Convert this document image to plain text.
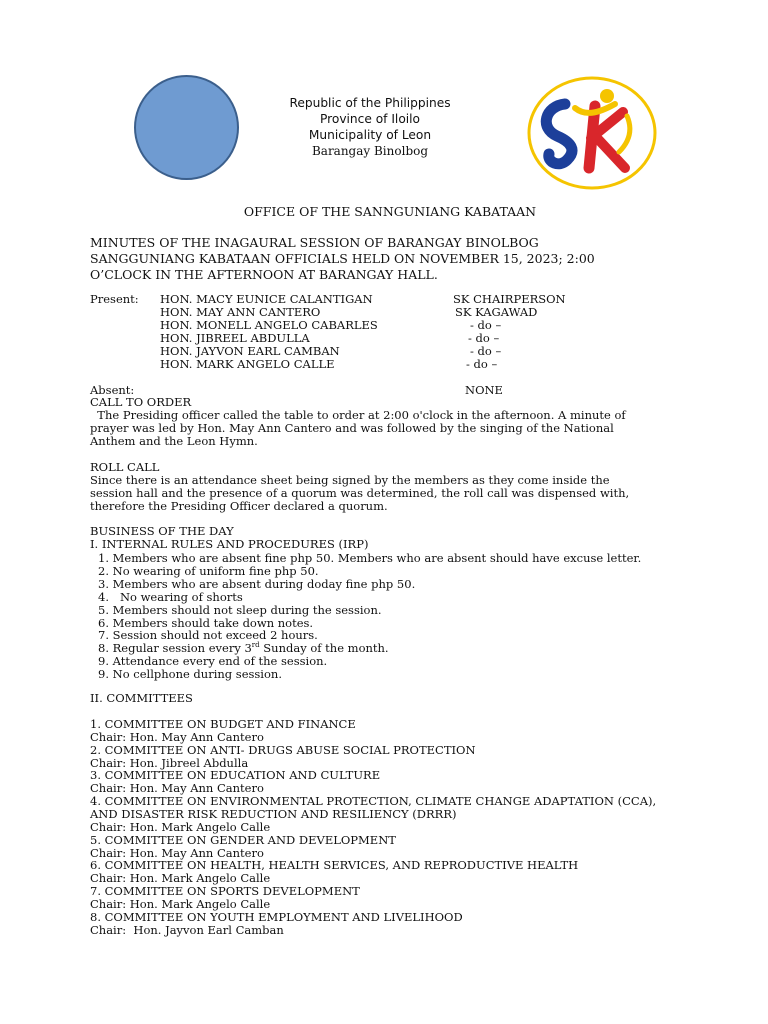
Republic of the Philippines
Province of Iloilo
Municipality of Leon
Barangay Binolbog
OFFICE OF THE SANNGUNIANG KABATAAN
MINUTES OF THE INAGAURAL SESSION OF BARANGAY BINOLBOG
SANGGUNIANG KABATAAN OFFICIALS HELD ON NOVEMBER 15, 2023; 2:00
O’CLOCK IN THE AFTERNOON AT BARANGAY HALL.
Present: HON. MACY EUNICE CALANTIGAN	SK CHAIRPERSON
HON. MAY ANN CANTERO	SK KAGAWAD
HON. MONELL ANGELO CABARLES	- do –
HON. JIBREEL ABDULLA	- do –
HON. JAYVON EARL CAMBAN	- do –
HON. MARK ANGELO CALLE	- do –
Absent:	NONE
CALL TO ORDER
The Presiding officer called the table to order at 2:00 o'clock in the afternoon. A minute of
prayer was led by Hon. May Ann Cantero and was followed by the singing of the National
Anthem and the Leon Hymn.
ROLL CALL
Since there is an attendance sheet being signed by the members as they come inside the
session hall and the presence of a quorum was determined, the roll call was dispensed with,
therefore the Presiding Officer declared a quorum.
BUSINESS OF THE DAY
I. INTERNAL RULES AND PROCEDURES (IRP)
1. Members who are absent fine php 50. Members who are absent should have excuse letter.
2. No wearing of uniform fine php 50.
3. Members who are absent during doday fine php 50.
4.   No wearing of shorts
5. Members should not sleep during the session.
6. Members should take down notes.
7. Session should not exceed 2 hours.
8. Regular session every 3rd Sunday of the month.
9. Attendance every end of the session.
9. No cellphone during session.
II. COMMITTEES
1. COMMITTEE ON BUDGET AND FINANCE
Chair: Hon. May Ann Cantero
2. COMMITTEE ON ANTI- DRUGS ABUSE SOCIAL PROTECTION
Chair: Hon. Jibreel Abdulla
3. COMMITTEE ON EDUCATION AND CULTURE
Chair: Hon. May Ann Cantero
4. COMMITTEE ON ENVIRONMENTAL PROTECTION, CLIMATE CHANGE ADAPTATION (CCA),
AND DISASTER RISK REDUCTION AND RESILIENCY (DRRR)
Chair: Hon. Mark Angelo Calle
5. COMMITTEE ON GENDER AND DEVELOPMENT
Chair: Hon. May Ann Cantero
6. COMMITTEE ON HEALTH, HEALTH SERVICES, AND REPRODUCTIVE HEALTH
Chair: Hon. Mark Angelo Calle
7. COMMITTEE ON SPORTS DEVELOPMENT
Chair: Hon. Mark Angelo Calle
8. COMMITTEE ON YOUTH EMPLOYMENT AND LIVELIHOOD
Chair:  Hon. Jayvon Earl Camban
